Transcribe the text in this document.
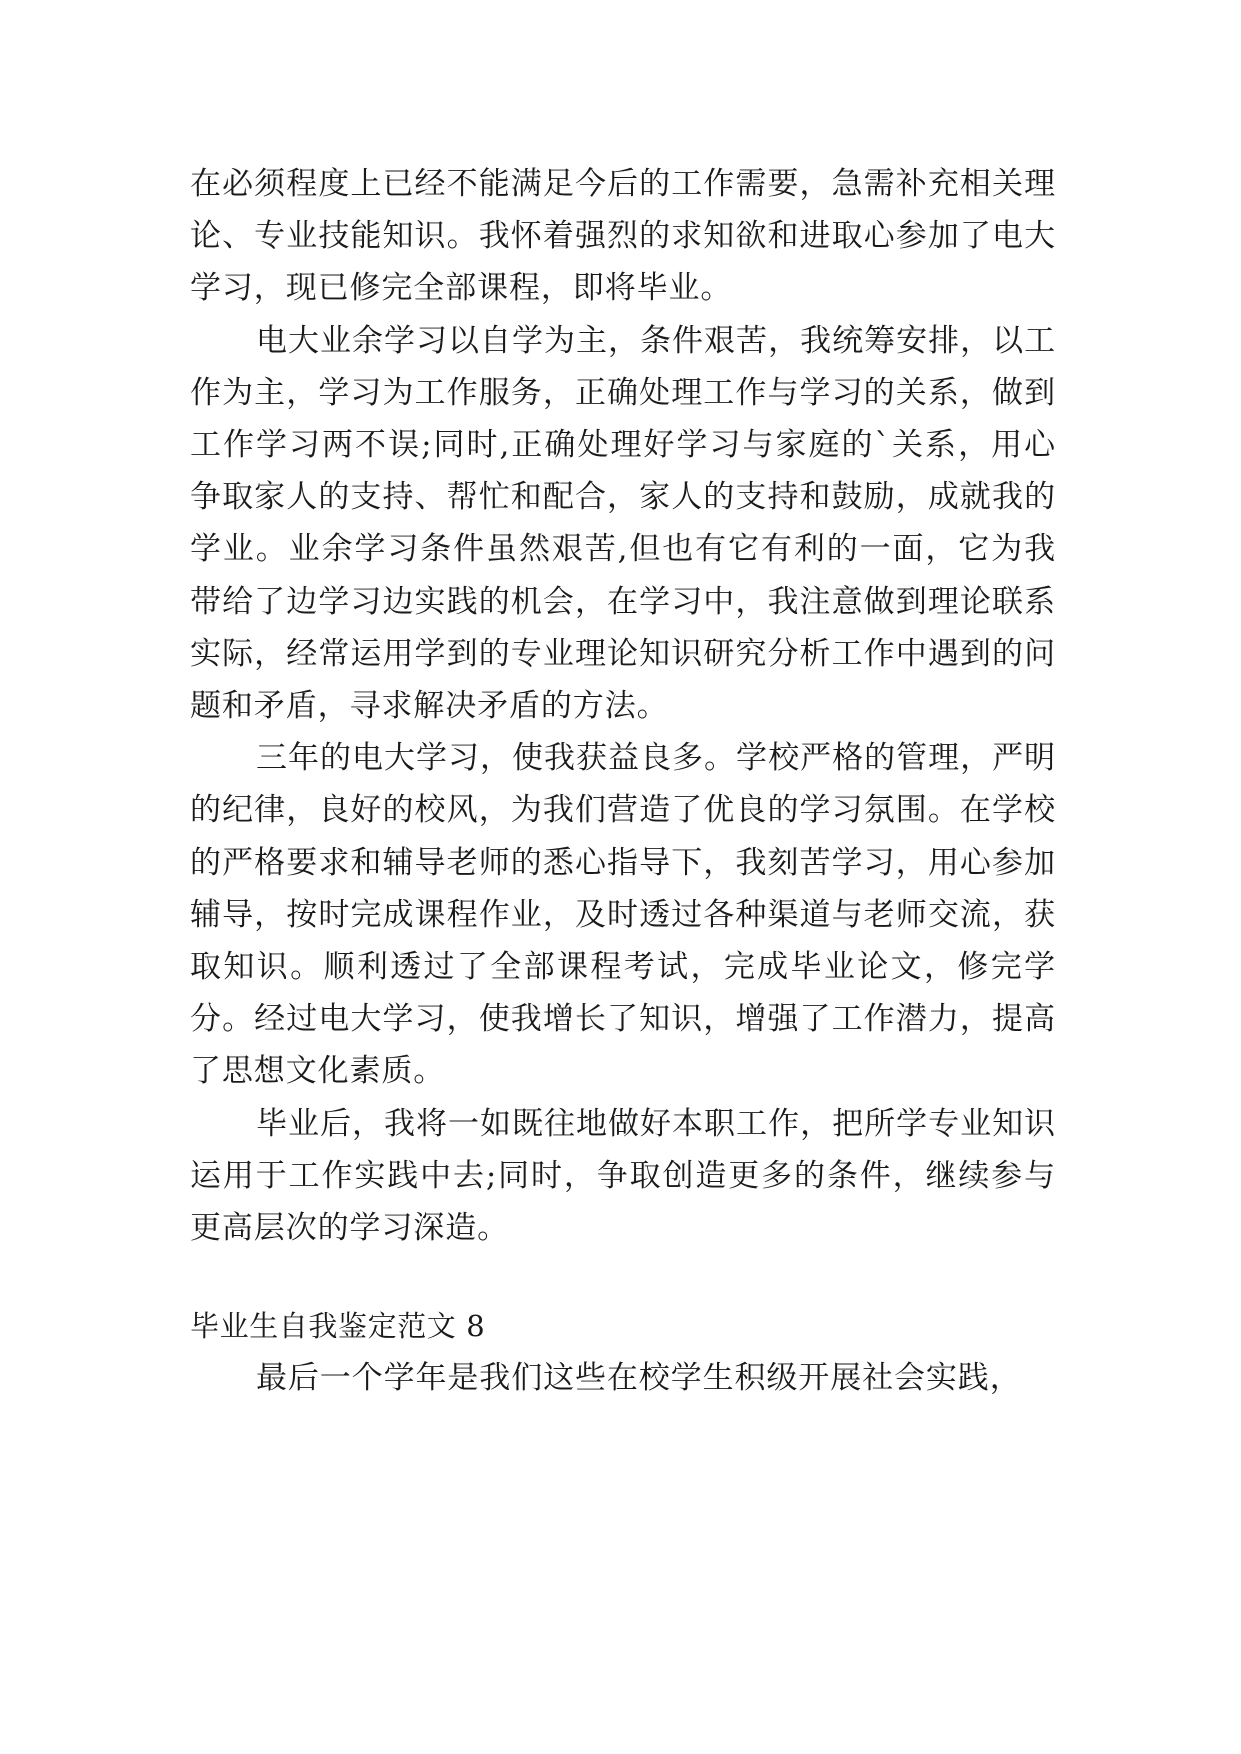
在必须程度上已经不能满足今后的工作需要，急需补充相关理论、专业技能知识。我怀着强烈的求知欲和进取心参加了电大学习，现已修完全部课程，即将毕业。

电大业余学习以自学为主，条件艰苦，我统筹安排，以工作为主，学习为工作服务，正确处理工作与学习的关系，做到工作学习两不误;同时,正确处理好学习与家庭的`关系，用心争取家人的支持、帮忙和配合，家人的支持和鼓励，成就我的学业。业余学习条件虽然艰苦,但也有它有利的一面，它为我带给了边学习边实践的机会，在学习中，我注意做到理论联系实际，经常运用学到的专业理论知识研究分析工作中遇到的问题和矛盾，寻求解决矛盾的方法。

三年的电大学习，使我获益良多。学校严格的管理，严明的纪律，良好的校风，为我们营造了优良的学习氛围。在学校的严格要求和辅导老师的悉心指导下，我刻苦学习，用心参加辅导，按时完成课程作业，及时透过各种渠道与老师交流，获取知识。顺利透过了全部课程考试，完成毕业论文，修完学分。经过电大学习，使我增长了知识，增强了工作潜力，提高了思想文化素质。

毕业后，我将一如既往地做好本职工作，把所学专业知识运用于工作实践中去;同时，争取创造更多的条件，继续参与更高层次的学习深造。

毕业生自我鉴定范文 8

最后一个学年是我们这些在校学生积级开展社会实践，
